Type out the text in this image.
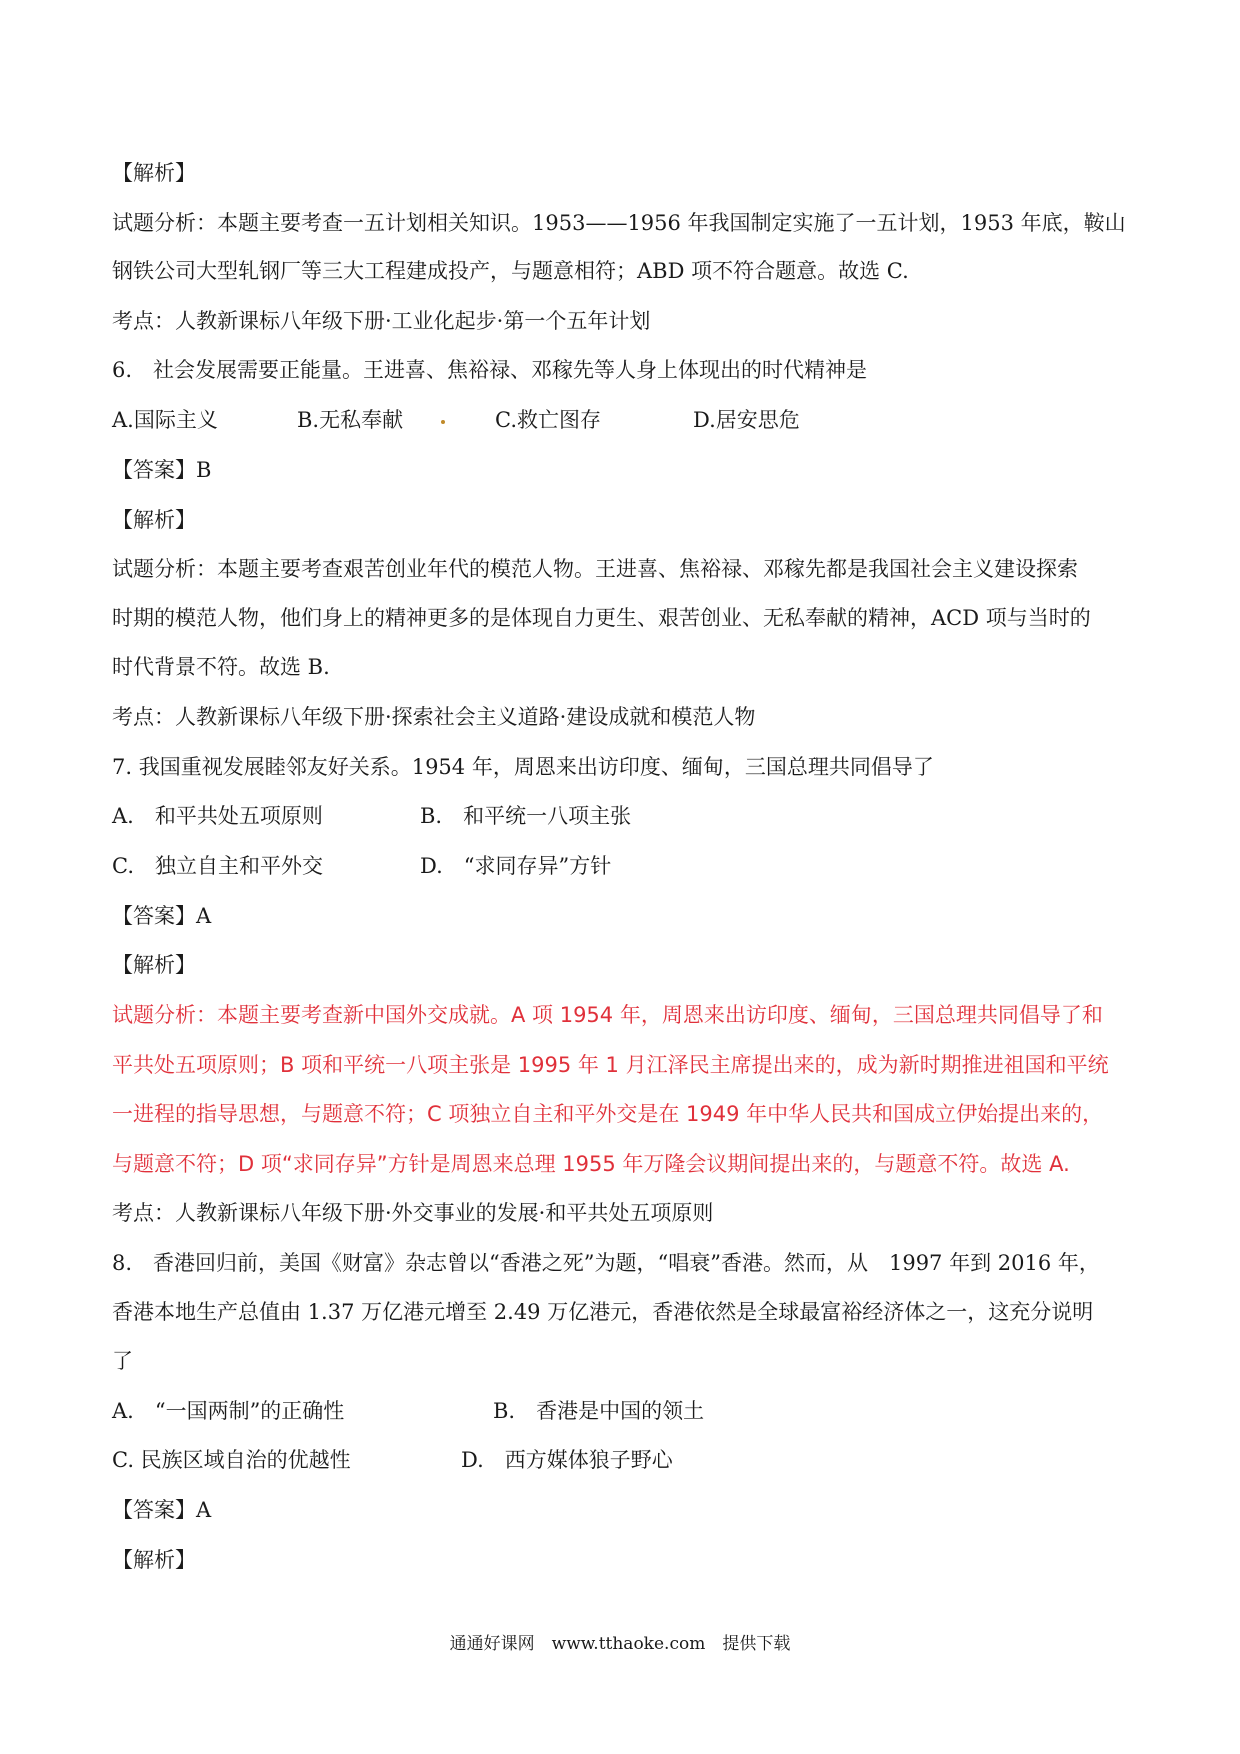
【解析】
试题分析：本题主要考查一五计划相关知识。1953——1956 年我国制定实施了一五计划，1953 年底，鞍山
钢铁公司大型轧钢厂等三大工程建成投产，与题意相符；ABD 项不符合题意。故选 C.
考点：人教新课标八年级下册·工业化起步·第一个五年计划
6.　社会发展需要正能量。王进喜、焦裕禄、邓稼先等人身上体现出的时代精神是
A.国际主义	B.无私奉献	C.救亡图存	D.居安思危
【答案】B
【解析】
试题分析：本题主要考查艰苦创业年代的模范人物。王进喜、焦裕禄、邓稼先都是我国社会主义建设探索
时期的模范人物，他们身上的精神更多的是体现自力更生、艰苦创业、无私奉献的精神，ACD 项与当时的
时代背景不符。故选 B.
考点：人教新课标八年级下册·探索社会主义道路·建设成就和模范人物
7. 我国重视发展睦邻友好关系。1954 年，周恩来出访印度、缅甸，三国总理共同倡导了
A.　和平共处五项原则	B.　和平统一八项主张
C.　独立自主和平外交	D.　“求同存异”方针
【答案】A
【解析】
试题分析：本题主要考查新中国外交成就。A 项 1954 年，周恩来出访印度、缅甸，三国总理共同倡导了和
平共处五项原则；B 项和平统一八项主张是 1995 年 1 月江泽民主席提出来的，成为新时期推进祖国和平统
一进程的指导思想，与题意不符；C 项独立自主和平外交是在 1949 年中华人民共和国成立伊始提出来的，
与题意不符；D 项“求同存异”方针是周恩来总理 1955 年万隆会议期间提出来的，与题意不符。故选 A.
考点：人教新课标八年级下册·外交事业的发展·和平共处五项原则
8.　香港回归前，美国《财富》杂志曾以“香港之死”为题，“唱衰”香港。然而，从　1997 年到 2016 年，
香港本地生产总值由 1.37 万亿港元增至 2.49 万亿港元，香港依然是全球最富裕经济体之一，这充分说明
了
A.　“一国两制”的正确性	B.　香港是中国的领土
C. 民族区域自治的优越性	D.　西方媒体狼子野心
【答案】A
【解析】
通通好课网　www.tthaoke.com　提供下载
